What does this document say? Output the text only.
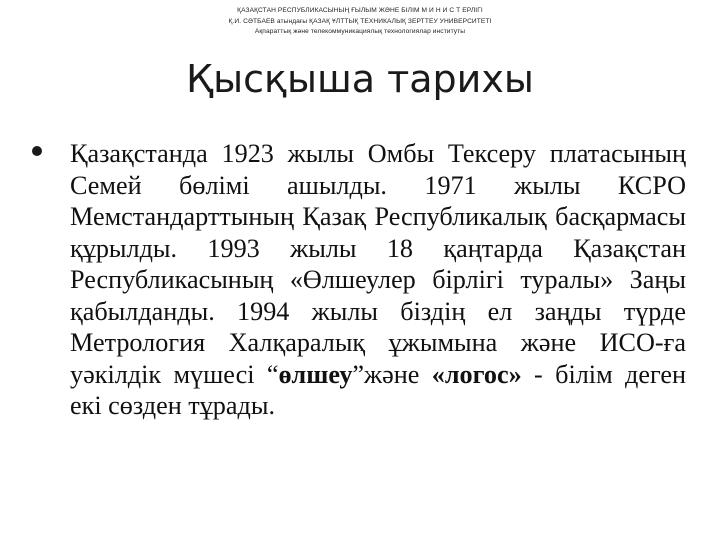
ҚАЗАҚСТАН РЕСПУБЛИКАСЫНЫҢ ҒЫЛЫМ ЖӘНЕ БІЛІМ М И Н И С Т ЕРЛІГІ
Қ.И. СӘТБАЕВ атындағы ҚАЗАҚ ҰЛТТЫҚ ТЕХНИКАЛЫҚ ЗЕРТТЕУ УНИВЕРСИТЕТІ
Ақпараттық және телекоммуникациялық технологиялар институты
Қысқыша тарихы
Қазақстанда 1923 жылы Омбы Тексеру платасының Семей бөлімі ашылды. 1971 жылы КСРО Мемстандарттының Қазақ Республикалық басқармасы құрылды. 1993 жылы 18 қаңтарда Қазақстан Республикасының «Өлшеулер бірлігі туралы» Заңы қабылданды. 1994 жылы біздің ел заңды түрде Метрология Халқаралық ұжымына және ИСО-ға уәкілдік мүшесі “өлшеу”және «логос» - білім деген екі сөзден тұрады.
